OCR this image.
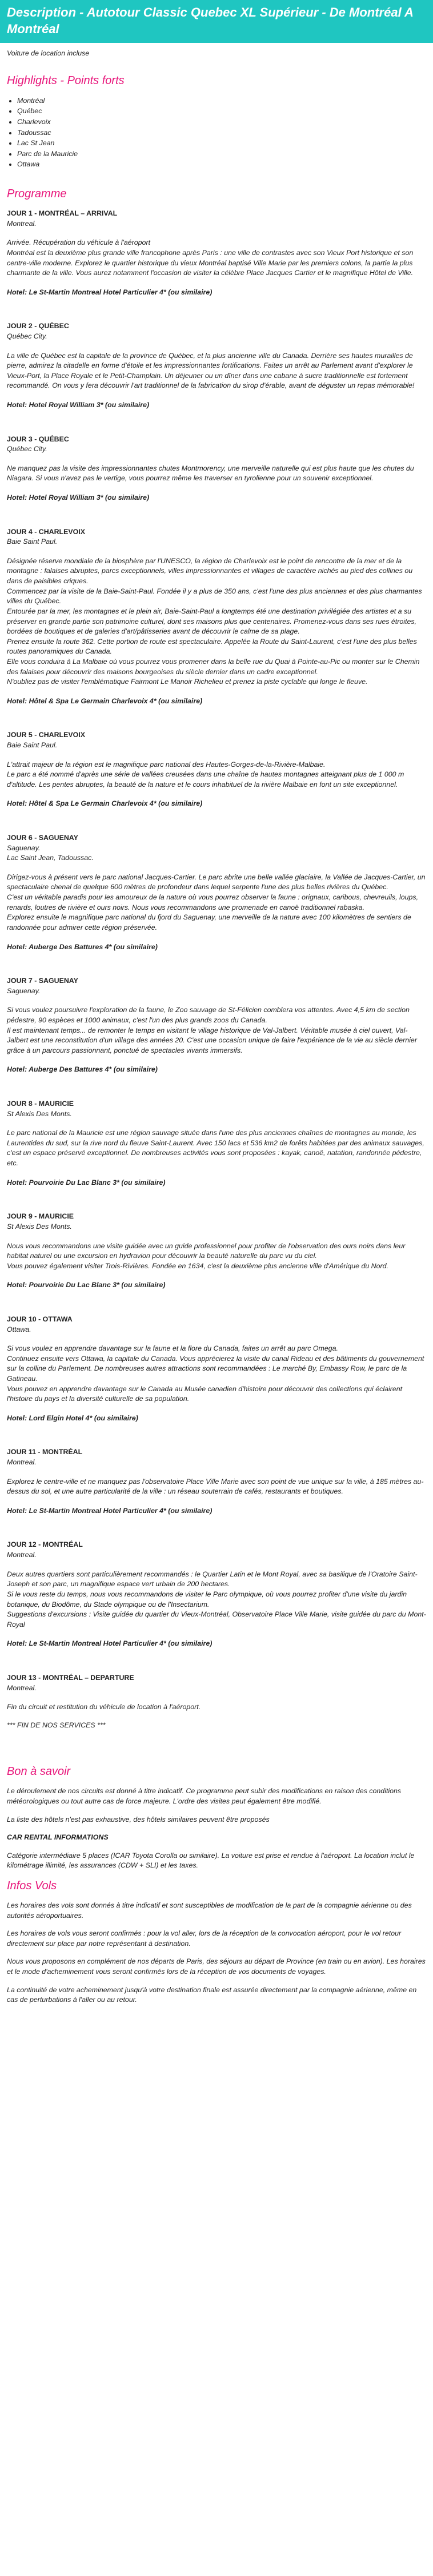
Description - Autotour Classic Quebec XL Supérieur - De Montréal A Montréal

Voiture de location incluse

Highlights - Points forts
• Montréal
• Québec
• Charlevoix
• Tadoussac
• Lac St Jean
• Parc de la Mauricie
• Ottawa
Programme

JOUR 1 - MONTRÉAL – ARRIVAL

Montreal.

Arrivée. Récupération du véhicule à l'aéroport

Montréal est la deuxième plus grande ville francophone après Paris : une ville de contrastes avec son Vieux Port historique et son centre-ville moderne. Explorez le quartier historique du vieux Montréal baptisé Ville Marie par les premiers colons, la partie la plus charmante de la ville. Vous aurez notamment l'occasion de visiter la célèbre Place Jacques Cartier et le magnifique Hôtel de Ville.

Hotel: Le St-Martin Montreal Hotel Particulier 4* (ou similaire)

JOUR 2 - QUÉBEC

Québec City.

La ville de Québec est la capitale de la province de Québec, et la plus ancienne ville du Canada. Derrière ses hautes murailles de pierre, admirez la citadelle en forme d'étoile et les impressionnantes fortifications. Faites un arrêt au Parlement avant d'explorer le Vieux-Port, la Place Royale et le Petit-Champlain. Un déjeuner ou un dîner dans une cabane à sucre traditionnelle est fortement recommandé. On vous y fera découvrir l'art traditionnel de la fabrication du sirop d'érable, avant de déguster un repas mémorable!

Hotel: Hotel Royal William 3* (ou similaire)

JOUR 3 - QUÉBEC

Québec City.

Ne manquez pas la visite des impressionnantes chutes Montmorency, une merveille naturelle qui est plus haute que les chutes du Niagara. Si vous n'avez pas le vertige, vous pourrez même les traverser en tyrolienne pour un souvenir exceptionnel.

Hotel: Hotel Royal William 3* (ou similaire)

JOUR 4 - CHARLEVOIX

Baie Saint Paul.

Désignée réserve mondiale de la biosphère par l'UNESCO, la région de Charlevoix est le point de rencontre de la mer et de la montagne : falaises abruptes, parcs exceptionnels, villes impressionnantes et villages de caractère nichés au pied des collines ou dans de paisibles criques.

Commencez par la visite de la Baie-Saint-Paul. Fondée il y a plus de 350 ans, c'est l'une des plus anciennes et des plus charmantes villes du Québec.

Entourée par la mer, les montagnes et le plein air, Baie-Saint-Paul a longtemps été une destination privilégiée des artistes et a su préserver en grande partie son patrimoine culturel, dont ses maisons plus que centenaires. Promenez-vous dans ses rues étroites, bordées de boutiques et de galeries d'art/pâtisseries avant de découvrir le calme de sa plage.

Prenez ensuite la route 362. Cette portion de route est spectaculaire. Appelée la Route du Saint-Laurent, c'est l'une des plus belles routes panoramiques du Canada.

Elle vous conduira à La Malbaie où vous pourrez vous promener dans la belle rue du Quai à Pointe-au-Pic ou monter sur le Chemin des falaises pour découvrir des maisons bourgeoises du siècle dernier dans un cadre exceptionnel.

N'oubliez pas de visiter l'emblématique Fairmont Le Manoir Richelieu et prenez la piste cyclable qui longe le fleuve.

Hotel: Hôtel & Spa Le Germain Charlevoix 4* (ou similaire)

JOUR 5 - CHARLEVOIX

Baie Saint Paul.

L'attrait majeur de la région est le magnifique parc national des Hautes-Gorges-de-la-Rivière-Malbaie.

Le parc a été nommé d'après une série de vallées creusées dans une chaîne de hautes montagnes atteignant plus de 1 000 m d'altitude. Les pentes abruptes, la beauté de la nature et le cours inhabituel de la rivière Malbaie en font un site exceptionnel.

Hotel: Hôtel & Spa Le Germain Charlevoix 4* (ou similaire)

JOUR 6 - SAGUENAY

Saguenay.
Lac Saint Jean, Tadoussac.

Dirigez-vous à présent vers le parc national Jacques-Cartier. Le parc abrite une belle vallée glaciaire, la Vallée de Jacques-Cartier, un spectaculaire chenal de quelque 600 mètres de profondeur dans lequel serpente l'une des plus belles rivières du Québec.

C'est un véritable paradis pour les amoureux de la nature où vous pourrez observer la faune : orignaux, caribous, chevreuils, loups, renards, loutres de rivière et ours noirs. Nous vous recommandons une promenade en canoë traditionnel rabaska.

Explorez ensuite le magnifique parc national du fjord du Saguenay, une merveille de la nature avec 100 kilomètres de sentiers de randonnée pour admirer cette région préservée.

Hotel: Auberge Des Battures 4* (ou similaire)

JOUR 7 - SAGUENAY

Saguenay.

Si vous voulez poursuivre l'exploration de la faune, le Zoo sauvage de St-Félicien comblera vos attentes. Avec 4,5 km de section pédestre, 90 espèces et 1000 animaux, c'est l'un des plus grands zoos du Canada.

Il est maintenant temps... de remonter le temps en visitant le village historique de Val-Jalbert. Véritable musée à ciel ouvert, Val-Jalbert est une reconstitution d'un village des années 20. C'est une occasion unique de faire l'expérience de la vie au siècle dernier grâce à un parcours passionnant, ponctué de spectacles vivants immersifs.

Hotel: Auberge Des Battures 4* (ou similaire)

JOUR 8 - MAURICIE

St Alexis Des Monts.

Le parc national de la Mauricie est une région sauvage située dans l'une des plus anciennes chaînes de montagnes au monde, les Laurentides du sud, sur la rive nord du fleuve Saint-Laurent. Avec 150 lacs et 536 km2 de forêts habitées par des animaux sauvages, c'est un espace préservé exceptionnel. De nombreuses activités vous sont proposées : kayak, canoë, natation, randonnée pédestre, etc.

Hotel: Pourvoirie Du Lac Blanc 3* (ou similaire)

JOUR 9 - MAURICIE

St Alexis Des Monts.

Nous vous recommandons une visite guidée avec un guide professionnel pour profiter de l'observation des ours noirs dans leur habitat naturel ou une excursion en hydravion pour découvrir la beauté naturelle du parc vu du ciel.

Vous pouvez également visiter Trois-Rivières. Fondée en 1634, c'est la deuxième plus ancienne ville d'Amérique du Nord.

Hotel: Pourvoirie Du Lac Blanc 3* (ou similaire)

JOUR 10 - OTTAWA

Ottawa.

Si vous voulez en apprendre davantage sur la faune et la flore du Canada, faites un arrêt au parc Omega.

Continuez ensuite vers Ottawa, la capitale du Canada. Vous apprécierez la visite du canal Rideau et des bâtiments du gouvernement sur la colline du Parlement. De nombreuses autres attractions sont recommandées : Le marché By, Embassy Row, le parc de la Gatineau.

Vous pouvez en apprendre davantage sur le Canada au Musée canadien d'histoire pour découvrir des collections qui éclairent l'histoire du pays et la diversité culturelle de sa population.

Hotel: Lord Elgin Hotel 4* (ou similaire)

JOUR 11 - MONTRÉAL

Montreal.

Explorez le centre-ville et ne manquez pas l'observatoire Place Ville Marie avec son point de vue unique sur la ville, à 185 mètres au-dessus du sol, et une autre particularité de la ville : un réseau souterrain de cafés, restaurants et boutiques.

Hotel: Le St-Martin Montreal Hotel Particulier 4* (ou similaire)

JOUR 12 - MONTRÉAL

Montreal.

Deux autres quartiers sont particulièrement recommandés : le Quartier Latin et le Mont Royal, avec sa basilique de l'Oratoire Saint-Joseph et son parc, un magnifique espace vert urbain de 200 hectares.

Si le vous reste du temps, nous vous recommandons de visiter le Parc olympique, où vous pourrez profiter d'une visite du jardin botanique, du Biodôme, du Stade olympique ou de l'Insectarium.

Suggestions d'excursions : Visite guidée du quartier du Vieux-Montréal, Observatoire Place Ville Marie, visite guidée du parc du Mont-Royal

Hotel: Le St-Martin Montreal Hotel Particulier 4* (ou similaire)

JOUR 13 - MONTRÉAL – DEPARTURE

Montreal.

Fin du circuit et restitution du véhicule de location à l'aéroport.

*** FIN DE NOS SERVICES ***

Bon à savoir

Le déroulement de nos circuits est donné à titre indicatif. Ce programme peut subir des modifications en raison des conditions météorologiques ou tout autre cas de force majeure. L'ordre des visites peut également être modifié.

La liste des hôtels n'est pas exhaustive, des hôtels similaires peuvent être proposés

CAR RENTAL INFORMATIONS

Catégorie intermédiaire 5 places (ICAR Toyota Corolla ou similaire). La voiture est prise et rendue à l'aéroport. La location inclut le kilométrage illimité, les assurances (CDW + SLI) et les taxes.

Infos Vols

Les horaires des vols sont donnés à titre indicatif et sont susceptibles de modification de la part de la compagnie aérienne ou des autorités aéroportuaires.

Les horaires de vols vous seront confirmés : pour la vol aller, lors de la réception de la convocation aéroport, pour le vol retour directement sur place par notre représentant à destination.

Nous vous proposons en complément de nos départs de Paris, des séjours au départ de Province (en train ou en avion). Les horaires et le mode d'acheminement vous seront confirmés lors de la réception de vos documents de voyages.

La continuité de votre acheminement jusqu'à votre destination finale est assurée directement par la compagnie aérienne, même en cas de perturbations à l'aller ou au retour.
